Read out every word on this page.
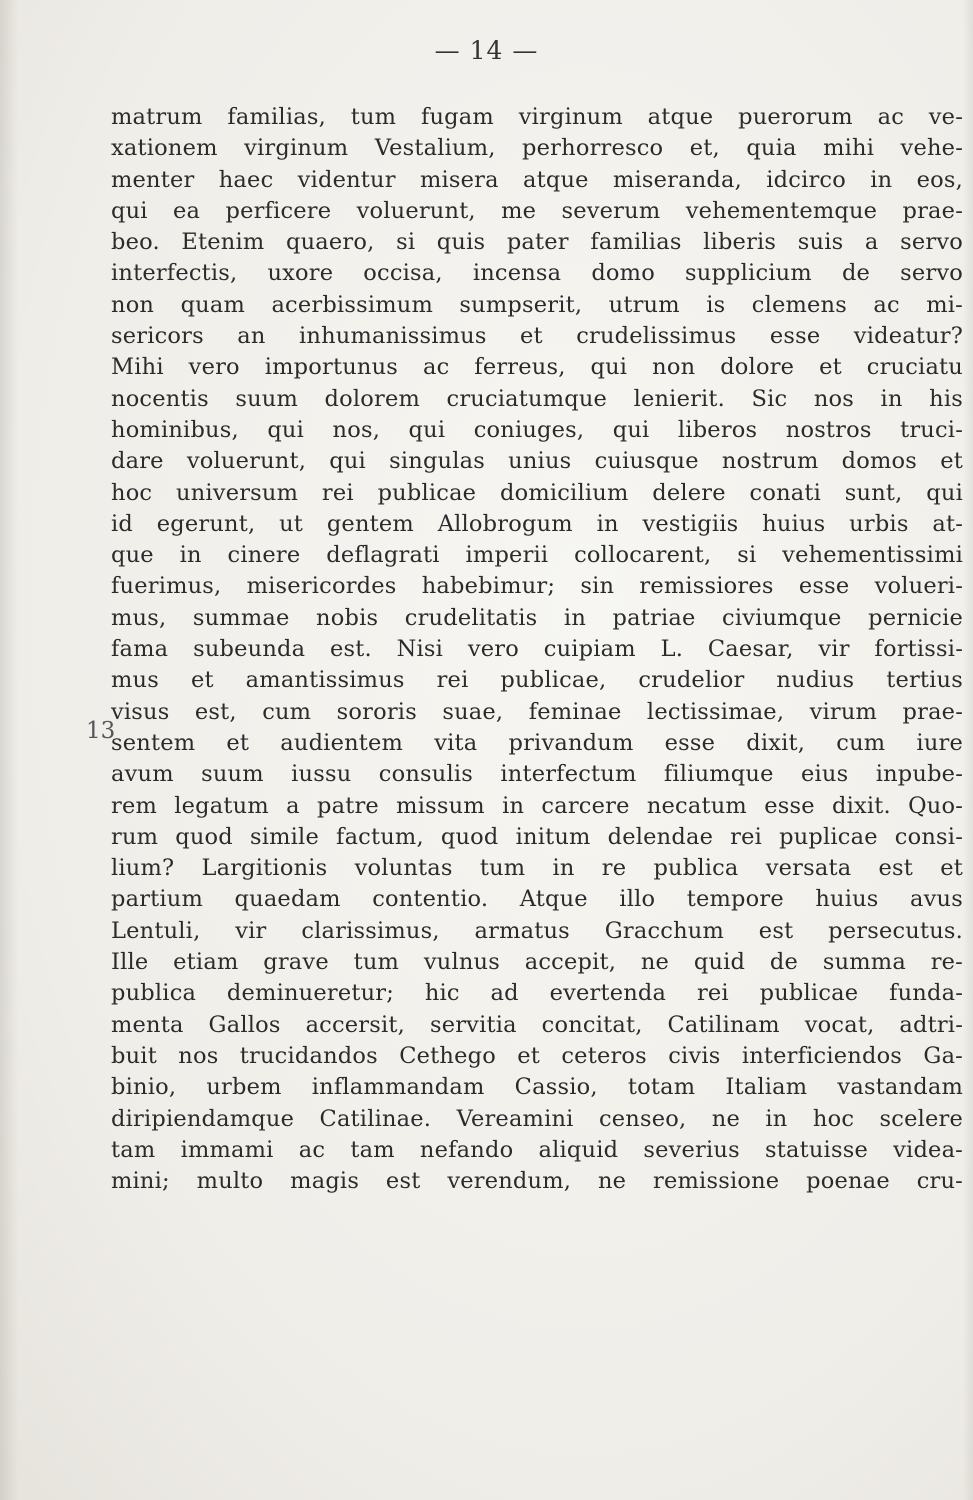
— 14 —
13
matrum familias, tum fugam virginum atque puerorum ac ve-
xationem virginum Vestalium, perhorresco et, quia mihi vehe-
menter haec videntur misera atque miseranda, idcirco in eos,
qui ea perficere voluerunt, me severum vehementemque prae-
beo. Etenim quaero, si quis pater familias liberis suis a servo
interfectis, uxore occisa, incensa domo supplicium de servo
non quam acerbissimum sumpserit, utrum is clemens ac mi-
sericors an inhumanissimus et crudelissimus esse videatur?
Mihi vero importunus ac ferreus, qui non dolore et cruciatu
nocentis suum dolorem cruciatumque lenierit. Sic nos in his
hominibus, qui nos, qui coniuges, qui liberos nostros truci-
dare voluerunt, qui singulas unius cuiusque nostrum domos et
hoc universum rei publicae domicilium delere conati sunt, qui
id egerunt, ut gentem Allobrogum in vestigiis huius urbis at-
que in cinere deflagrati imperii collocarent, si vehementissimi
fuerimus, misericordes habebimur; sin remissiores esse volueri-
mus, summae nobis crudelitatis in patriae civiumque pernicie
fama subeunda est. Nisi vero cuipiam L. Caesar, vir fortissi-
mus et amantissimus rei publicae, crudelior nudius tertius
visus est, cum sororis suae, feminae lectissimae, virum prae-
sentem et audientem vita privandum esse dixit, cum iure
avum suum iussu consulis interfectum filiumque eius inpube-
rem legatum a patre missum in carcere necatum esse dixit. Quo-
rum quod simile factum, quod initum delendae rei puplicae consi-
lium? Largitionis voluntas tum in re publica versata est et
partium quaedam contentio. Atque illo tempore huius avus
Lentuli, vir clarissimus, armatus Gracchum est persecutus.
Ille etiam grave tum vulnus accepit, ne quid de summa re-
publica deminueretur; hic ad evertenda rei publicae funda-
menta Gallos accersit, servitia concitat, Catilinam vocat, adtri-
buit nos trucidandos Cethego et ceteros civis interficiendos Ga-
binio, urbem inflammandam Cassio, totam Italiam vastandam
diripiendamque Catilinae. Vereamini censeo, ne in hoc scelere
tam immami ac tam nefando aliquid severius statuisse videa-
mini; multo magis est verendum, ne remissione poenae cru-
